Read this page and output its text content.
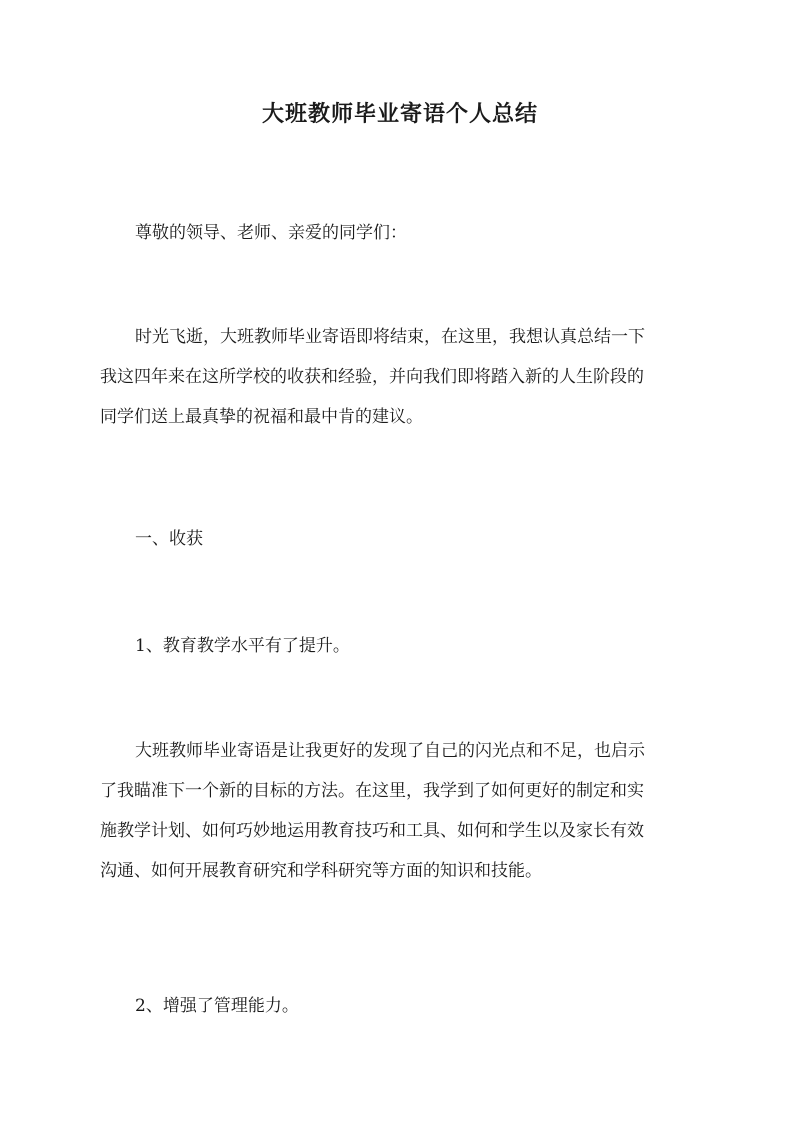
大班教师毕业寄语个人总结

尊敬的领导、老师、亲爱的同学们：

时光飞逝，大班教师毕业寄语即将结束，在这里，我想认真总结一下
我这四年来在这所学校的收获和经验，并向我们即将踏入新的人生阶段的
同学们送上最真挚的祝福和最中肯的建议。

一、收获

1、教育教学水平有了提升。

大班教师毕业寄语是让我更好的发现了自己的闪光点和不足，也启示
了我瞄准下一个新的目标的方法。在这里，我学到了如何更好的制定和实
施教学计划、如何巧妙地运用教育技巧和工具、如何和学生以及家长有效
沟通、如何开展教育研究和学科研究等方面的知识和技能。

2、增强了管理能力。
